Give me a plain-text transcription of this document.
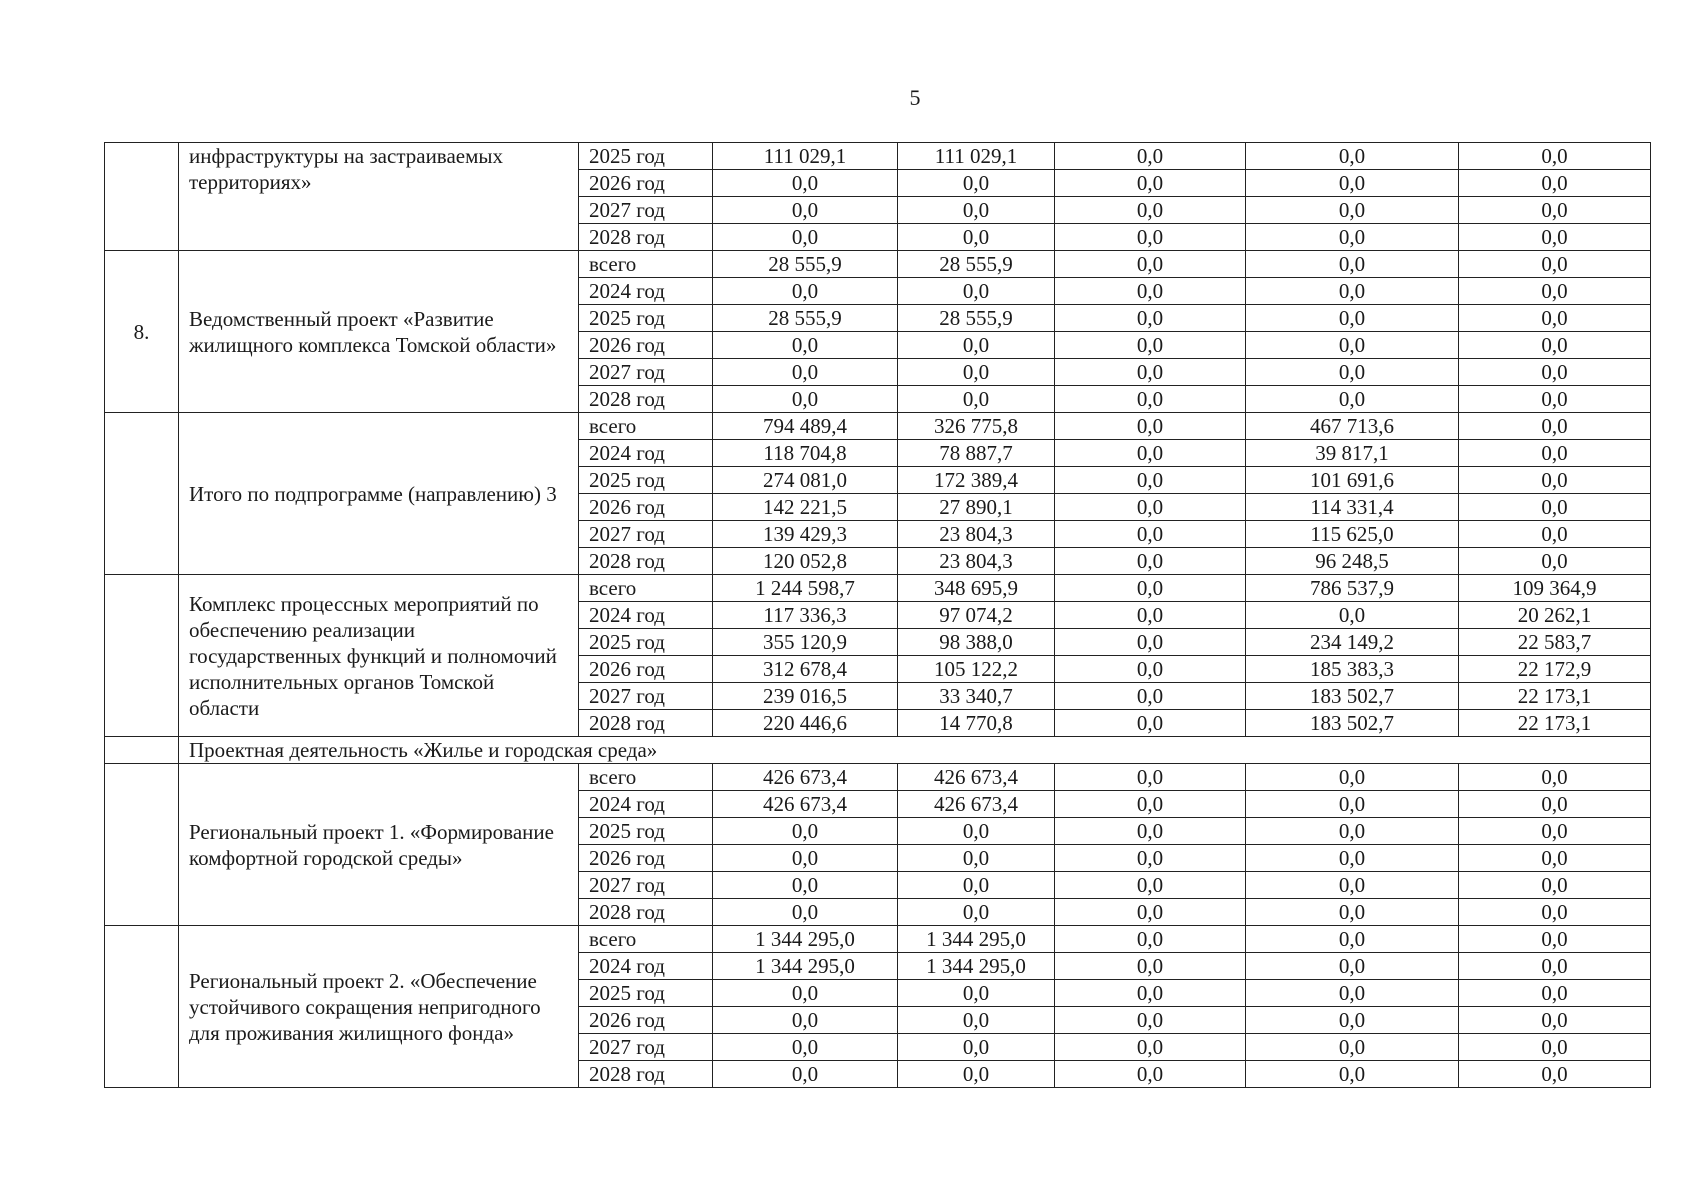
5
	инфраструктуры на застраиваемых территориях»	2025 год	111 029,1	111 029,1	0,0	0,0	0,0
		2026 год	0,0	0,0	0,0	0,0	0,0
		2027 год	0,0	0,0	0,0	0,0	0,0
		2028 год	0,0	0,0	0,0	0,0	0,0
8.	Ведомственный проект «Развитие жилищного комплекса Томской области»	всего	28 555,9	28 555,9	0,0	0,0	0,0
		2024 год	0,0	0,0	0,0	0,0	0,0
		2025 год	28 555,9	28 555,9	0,0	0,0	0,0
		2026 год	0,0	0,0	0,0	0,0	0,0
		2027 год	0,0	0,0	0,0	0,0	0,0
		2028 год	0,0	0,0	0,0	0,0	0,0
	Итого по подпрограмме (направлению) 3	всего	794 489,4	326 775,8	0,0	467 713,6	0,0
		2024 год	118 704,8	78 887,7	0,0	39 817,1	0,0
		2025 год	274 081,0	172 389,4	0,0	101 691,6	0,0
		2026 год	142 221,5	27 890,1	0,0	114 331,4	0,0
		2027 год	139 429,3	23 804,3	0,0	115 625,0	0,0
		2028 год	120 052,8	23 804,3	0,0	96 248,5	0,0
	Комплекс процессных мероприятий по обеспечению реализации государственных функций и полномочий исполнительных органов Томской области	всего	1 244 598,7	348 695,9	0,0	786 537,9	109 364,9
		2024 год	117 336,3	97 074,2	0,0	0,0	20 262,1
		2025 год	355 120,9	98 388,0	0,0	234 149,2	22 583,7
		2026 год	312 678,4	105 122,2	0,0	185 383,3	22 172,9
		2027 год	239 016,5	33 340,7	0,0	183 502,7	22 173,1
		2028 год	220 446,6	14 770,8	0,0	183 502,7	22 173,1
	Проектная деятельность «Жилье и городская среда»						
	Региональный проект 1. «Формирование комфортной городской среды»	всего	426 673,4	426 673,4	0,0	0,0	0,0
		2024 год	426 673,4	426 673,4	0,0	0,0	0,0
		2025 год	0,0	0,0	0,0	0,0	0,0
		2026 год	0,0	0,0	0,0	0,0	0,0
		2027 год	0,0	0,0	0,0	0,0	0,0
		2028 год	0,0	0,0	0,0	0,0	0,0
	Региональный проект 2. «Обеспечение устойчивого сокращения непригодного для проживания жилищного фонда»	всего	1 344 295,0	1 344 295,0	0,0	0,0	0,0
		2024 год	1 344 295,0	1 344 295,0	0,0	0,0	0,0
		2025 год	0,0	0,0	0,0	0,0	0,0
		2026 год	0,0	0,0	0,0	0,0	0,0
		2027 год	0,0	0,0	0,0	0,0	0,0
		2028 год	0,0	0,0	0,0	0,0	0,0
